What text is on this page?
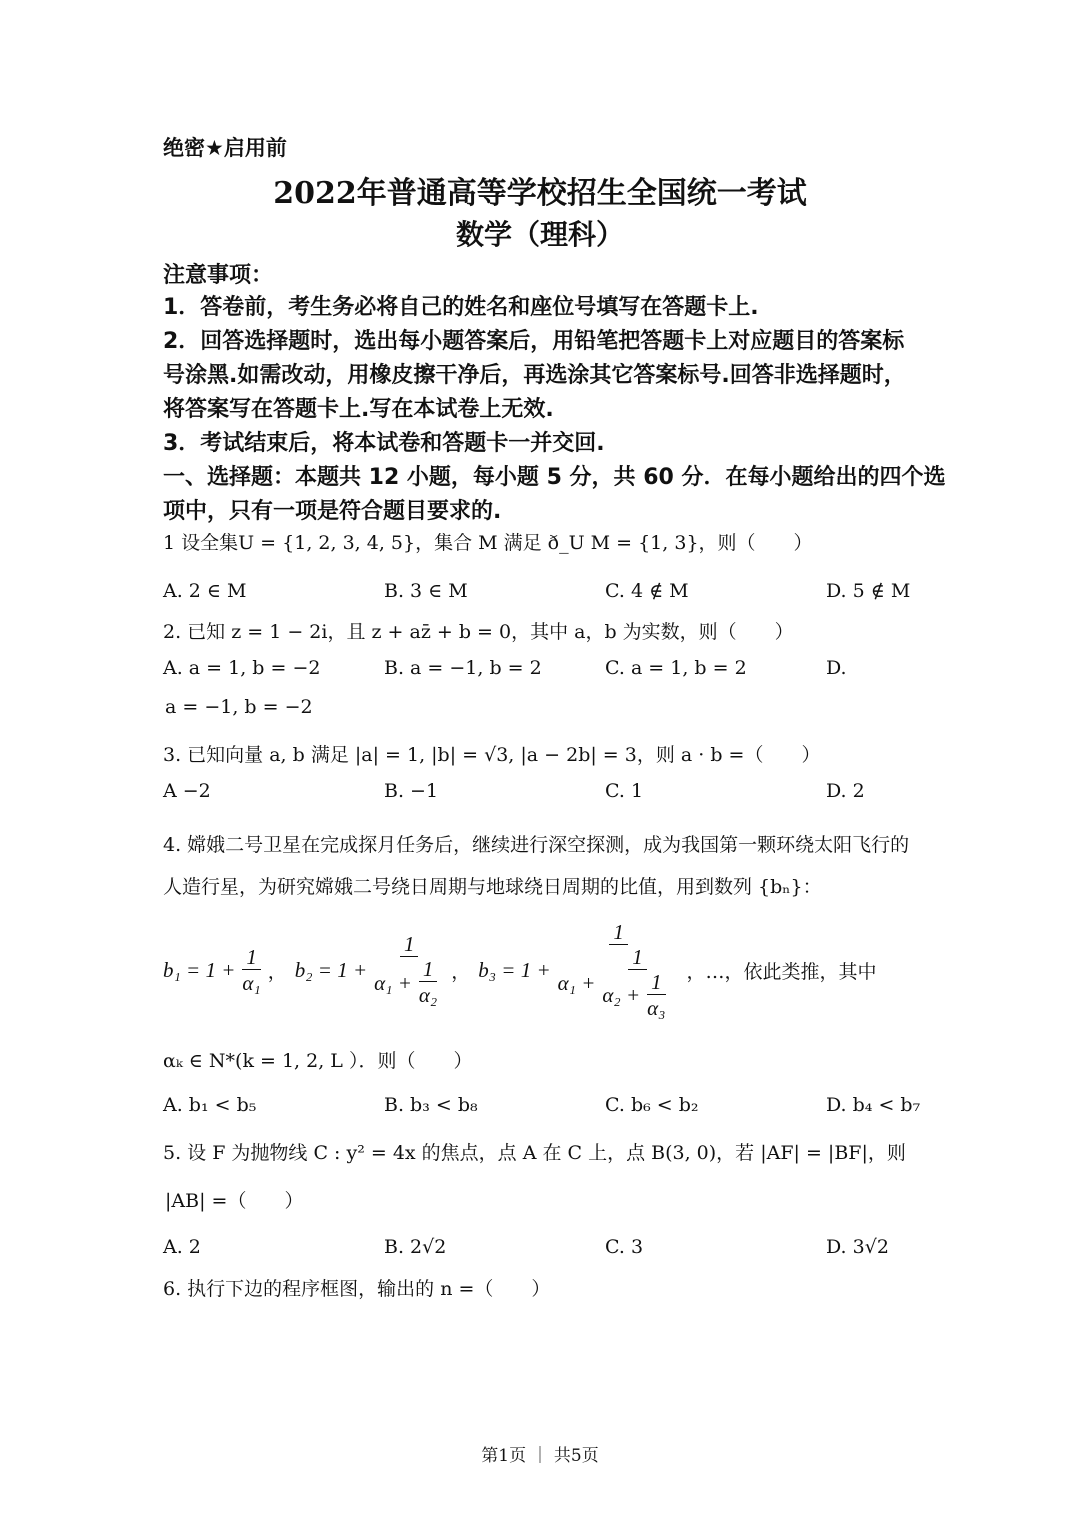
绝密★启用前
2022年普通高等学校招生全国统一考试
数学（理科）
注意事项：
1．答卷前，考生务必将自己的姓名和座位号填写在答题卡上.
2．回答选择题时，选出每小题答案后，用铅笔把答题卡上对应题目的答案标
号涂黑.如需改动，用橡皮擦干净后，再选涂其它答案标号.回答非选择题时，
将答案写在答题卡上.写在本试卷上无效.
3．考试结束后，将本试卷和答题卡一并交回.
一、选择题：本题共 12 小题，每小题 5 分，共 60 分．在每小题给出的四个选
项中，只有一项是符合题目要求的.
1 设全集U = {1, 2, 3, 4, 5}，集合 M 满足 ð_U M = {1, 3}，则（　　）
A. 2 ∈ M	B. 3 ∈ M	C. 4 ∉ M	D. 5 ∉ M
2. 已知 z = 1 − 2i，且 z + az̄ + b = 0，其中 a，b 为实数，则（　　）
A. a = 1, b = −2	B. a = −1, b = 2	C. a = 1, b = 2	D.
a = −1, b = −2
3. 已知向量 a, b 满足 |a| = 1, |b| = √3, |a − 2b| = 3，则 a · b =（　　）
A −2	B. −1	C. 1	D. 2
4. 嫦娥二号卫星在完成探月任务后，继续进行深空探测，成为我国第一颗环绕太阳飞行的
人造行星，为研究嫦娥二号绕日周期与地球绕日周期的比值，用到数列 {bₙ}：
$b_1 = 1 + \frac{1}{\text{α₁}}$ ， $b_2 = 1 + \frac{1}{\alpha_1 + \frac{1}{\text{α₂}}}$ ， b₃ = 1 +
1
$\alpha_1 + \frac{1}{\alpha_2 + \frac{1}{\text{α₃}}}$ ，…，依此类推，其中
αₖ ∈ N*(k = 1, 2, L ）．则（　　）
A. b₁ < b₅	B. b₃ < b₈	C. b₆ < b₂	D. b₄ < b₇
5. 设 F 为抛物线 C : y² = 4x 的焦点，点 A 在 C 上，点 B(3, 0)，若 |AF| = |BF|，则
|AB| =（　　）
A. 2	B. 2√2	C. 3	D. 3√2
6. 执行下边的程序框图，输出的 n =（　　）
第1页 ｜ 共5页
